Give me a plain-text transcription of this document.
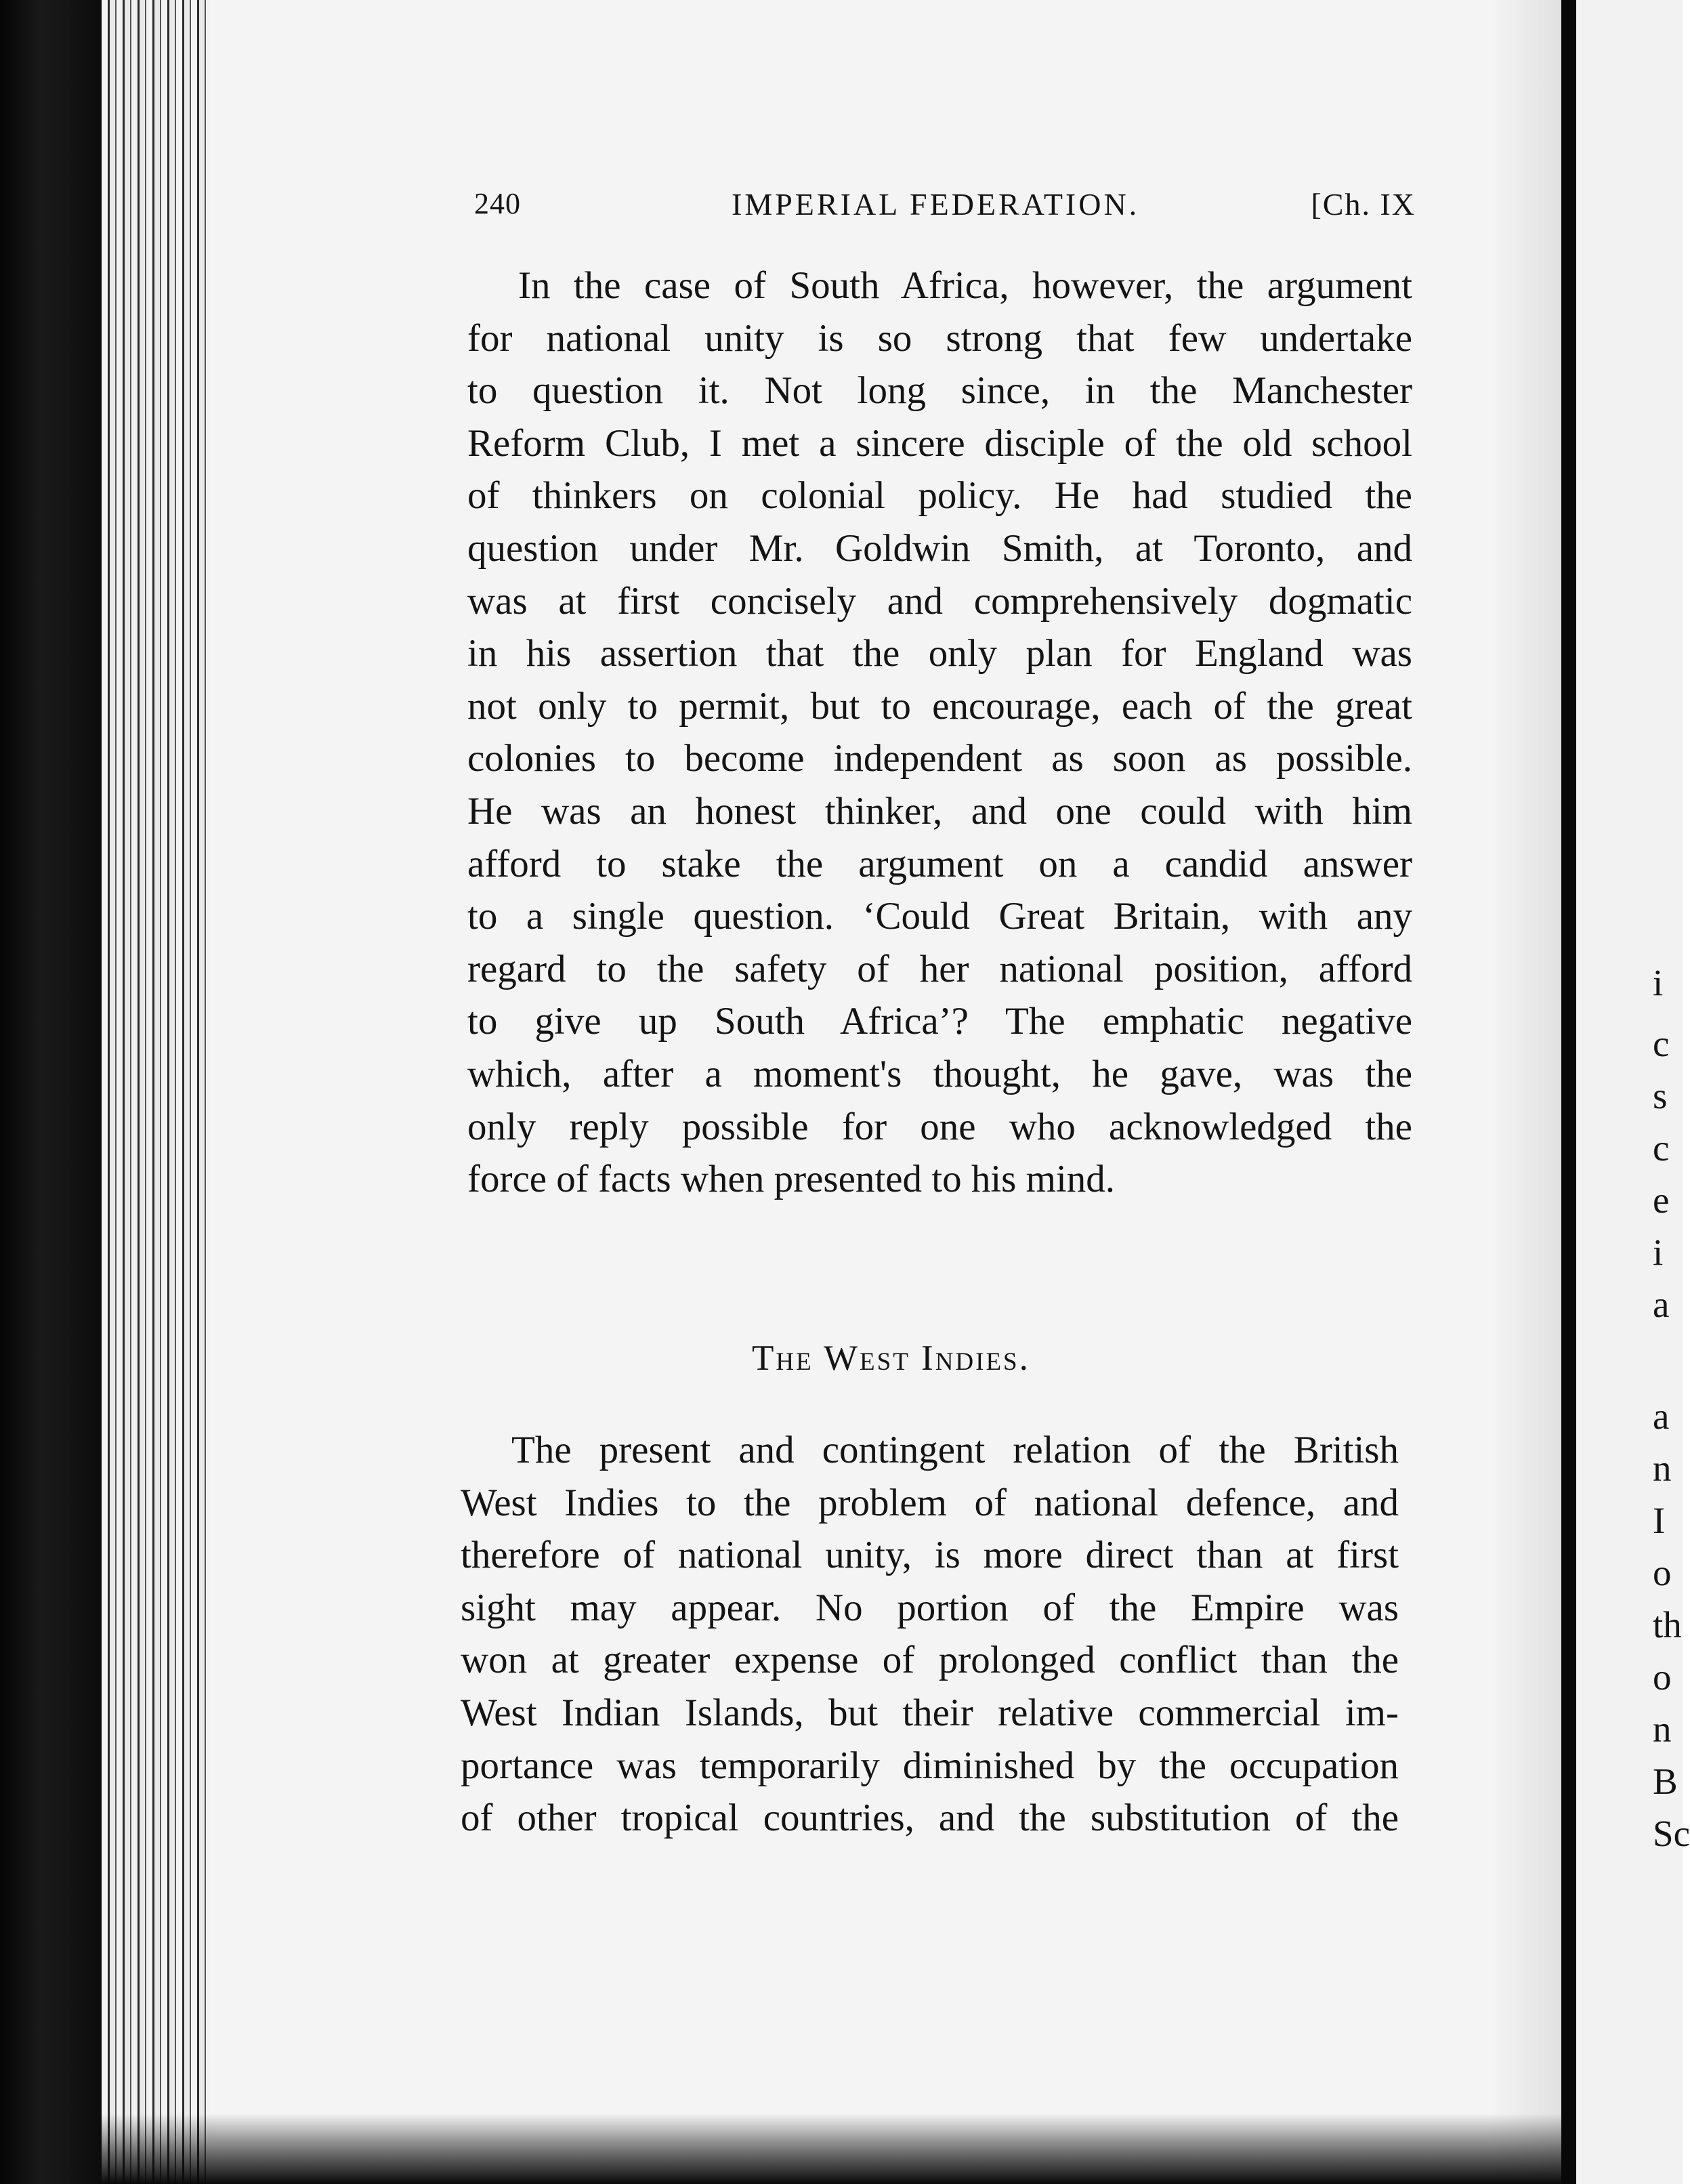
240	IMPERIAL FEDERATION.	[Ch. IX
In the case of South Africa, however, the argument
for national unity is so strong that few undertake
to question it. Not long since, in the Manchester
Reform Club, I met a sincere disciple of the old school
of thinkers on colonial policy. He had studied the
question under Mr. Goldwin Smith, at Toronto, and
was at first concisely and comprehensively dogmatic
in his assertion that the only plan for England was
not only to permit, but to encourage, each of the great
colonies to become independent as soon as possible.
He was an honest thinker, and one could with him
afford to stake the argument on a candid answer
to a single question. ‘Could Great Britain, with any
regard to the safety of her national position, afford
to give up South Africa’? The emphatic negative
which, after a moment's thought, he gave, was the
only reply possible for one who acknowledged the
force of facts when presented to his mind.
The West Indies.
The present and contingent relation of the British
West Indies to the problem of national defence, and
therefore of national unity, is more direct than at first
sight may appear. No portion of the Empire was
won at greater expense of prolonged conflict than the
West Indian Islands, but their relative commercial im-
portance was temporarily diminished by the occupation
of other tropical countries, and the substitution of the
i
c
s
c
e
i
a
a
n
I
o
th
o
n
B
Sc
